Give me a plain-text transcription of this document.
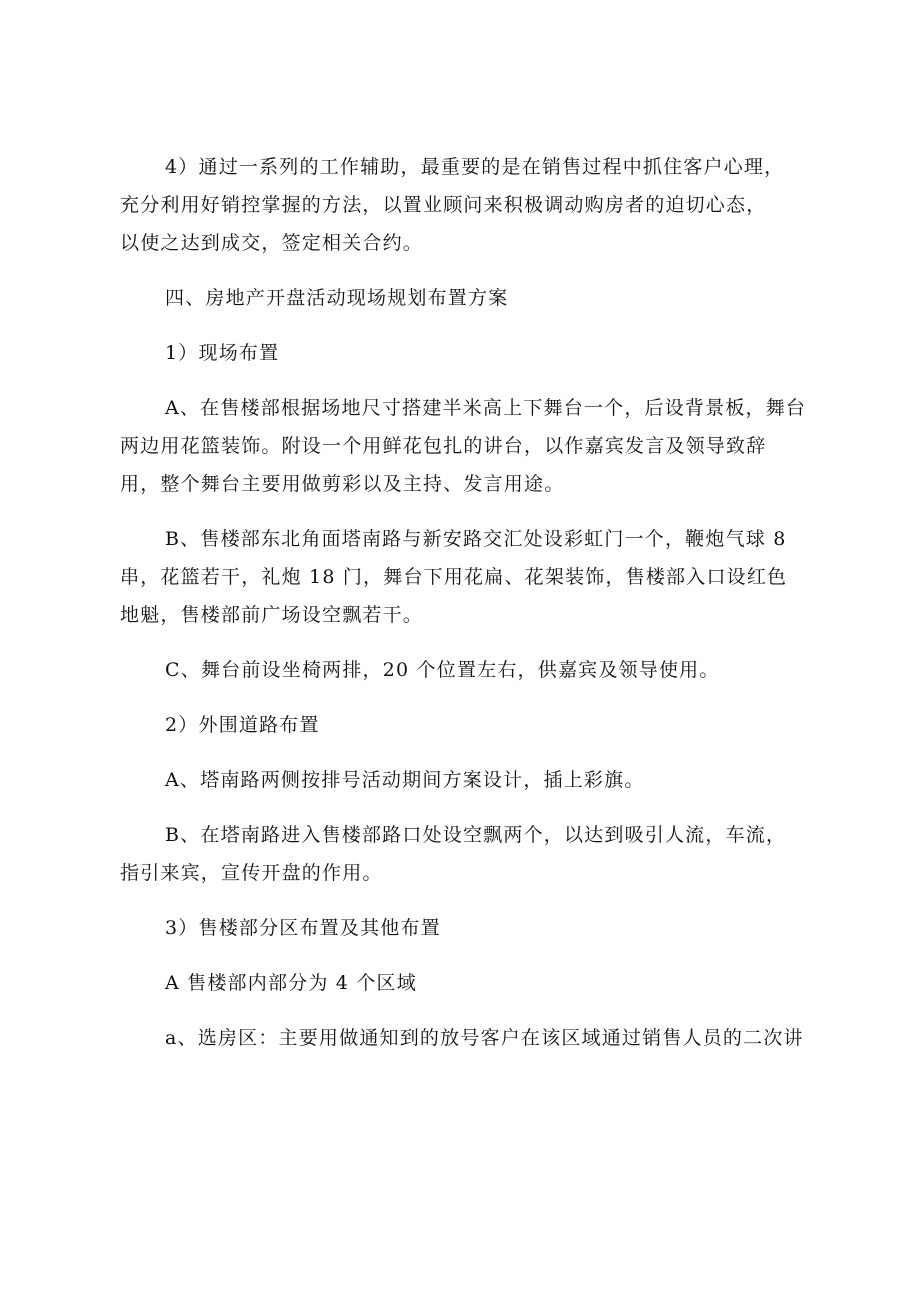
4）通过一系列的工作辅助，最重要的是在销售过程中抓住客户心理，
充分利用好销控掌握的方法，以置业顾问来积极调动购房者的迫切心态，
以使之达到成交，签定相关合约。

四、房地产开盘活动现场规划布置方案

1）现场布置

A、在售楼部根据场地尺寸搭建半米高上下舞台一个，后设背景板，舞台
两边用花篮装饰。附设一个用鲜花包扎的讲台，以作嘉宾发言及领导致辞
用，整个舞台主要用做剪彩以及主持、发言用途。

B、售楼部东北角面塔南路与新安路交汇处设彩虹门一个，鞭炮气球 8
串，花篮若干，礼炮 18 门，舞台下用花扁、花架装饰，售楼部入口设红色
地魁，售楼部前广场设空飘若干。

C、舞台前设坐椅两排，20 个位置左右，供嘉宾及领导使用。

2）外围道路布置

A、塔南路两侧按排号活动期间方案设计，插上彩旗。

B、在塔南路进入售楼部路口处设空飘两个，以达到吸引人流，车流，
指引来宾，宣传开盘的作用。

3）售楼部分区布置及其他布置

A 售楼部内部分为 4 个区域

a、选房区：主要用做通知到的放号客户在该区域通过销售人员的二次讲
